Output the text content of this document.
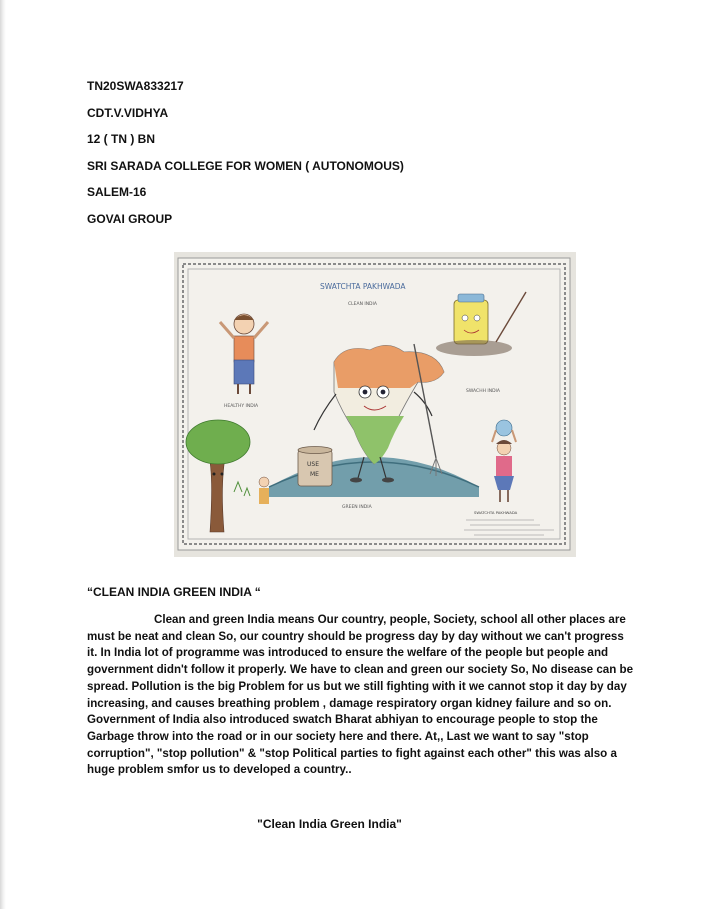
TN20SWA833217
CDT.V.VIDHYA
12 ( TN ) BN
SRI SARADA COLLEGE FOR WOMEN ( AUTONOMOUS)
SALEM-16
GOVAI GROUP
SWATCHTA PAKHWADA
CLEAN INDIA
HEALTHY INDIA
SWACHH INDIA
GREEN INDIA
USE
ME
SWATCHTA PAKHWADA
“CLEAN INDIA GREEN INDIA “
Clean and green India means Our country, people, Society, school all other places are must be neat and clean So, our country should be progress day by day without we can't progress it. In India lot of programme was introduced to ensure the welfare of the people but people and government didn't follow it properly. We have to clean and green our society So, No disease can be spread. Pollution is the big Problem for us but we still fighting with it we cannot stop it day by day increasing, and causes breathing problem , damage respiratory organ kidney failure and so on. Government of India also introduced swatch Bharat abhiyan to encourage people to stop the Garbage throw into the road or in our society here and there. At,, Last we want to say "stop corruption", "stop pollution" & "stop Political parties to fight against each other" this was also a huge problem smfor us to developed a country..
"Clean India Green India"
